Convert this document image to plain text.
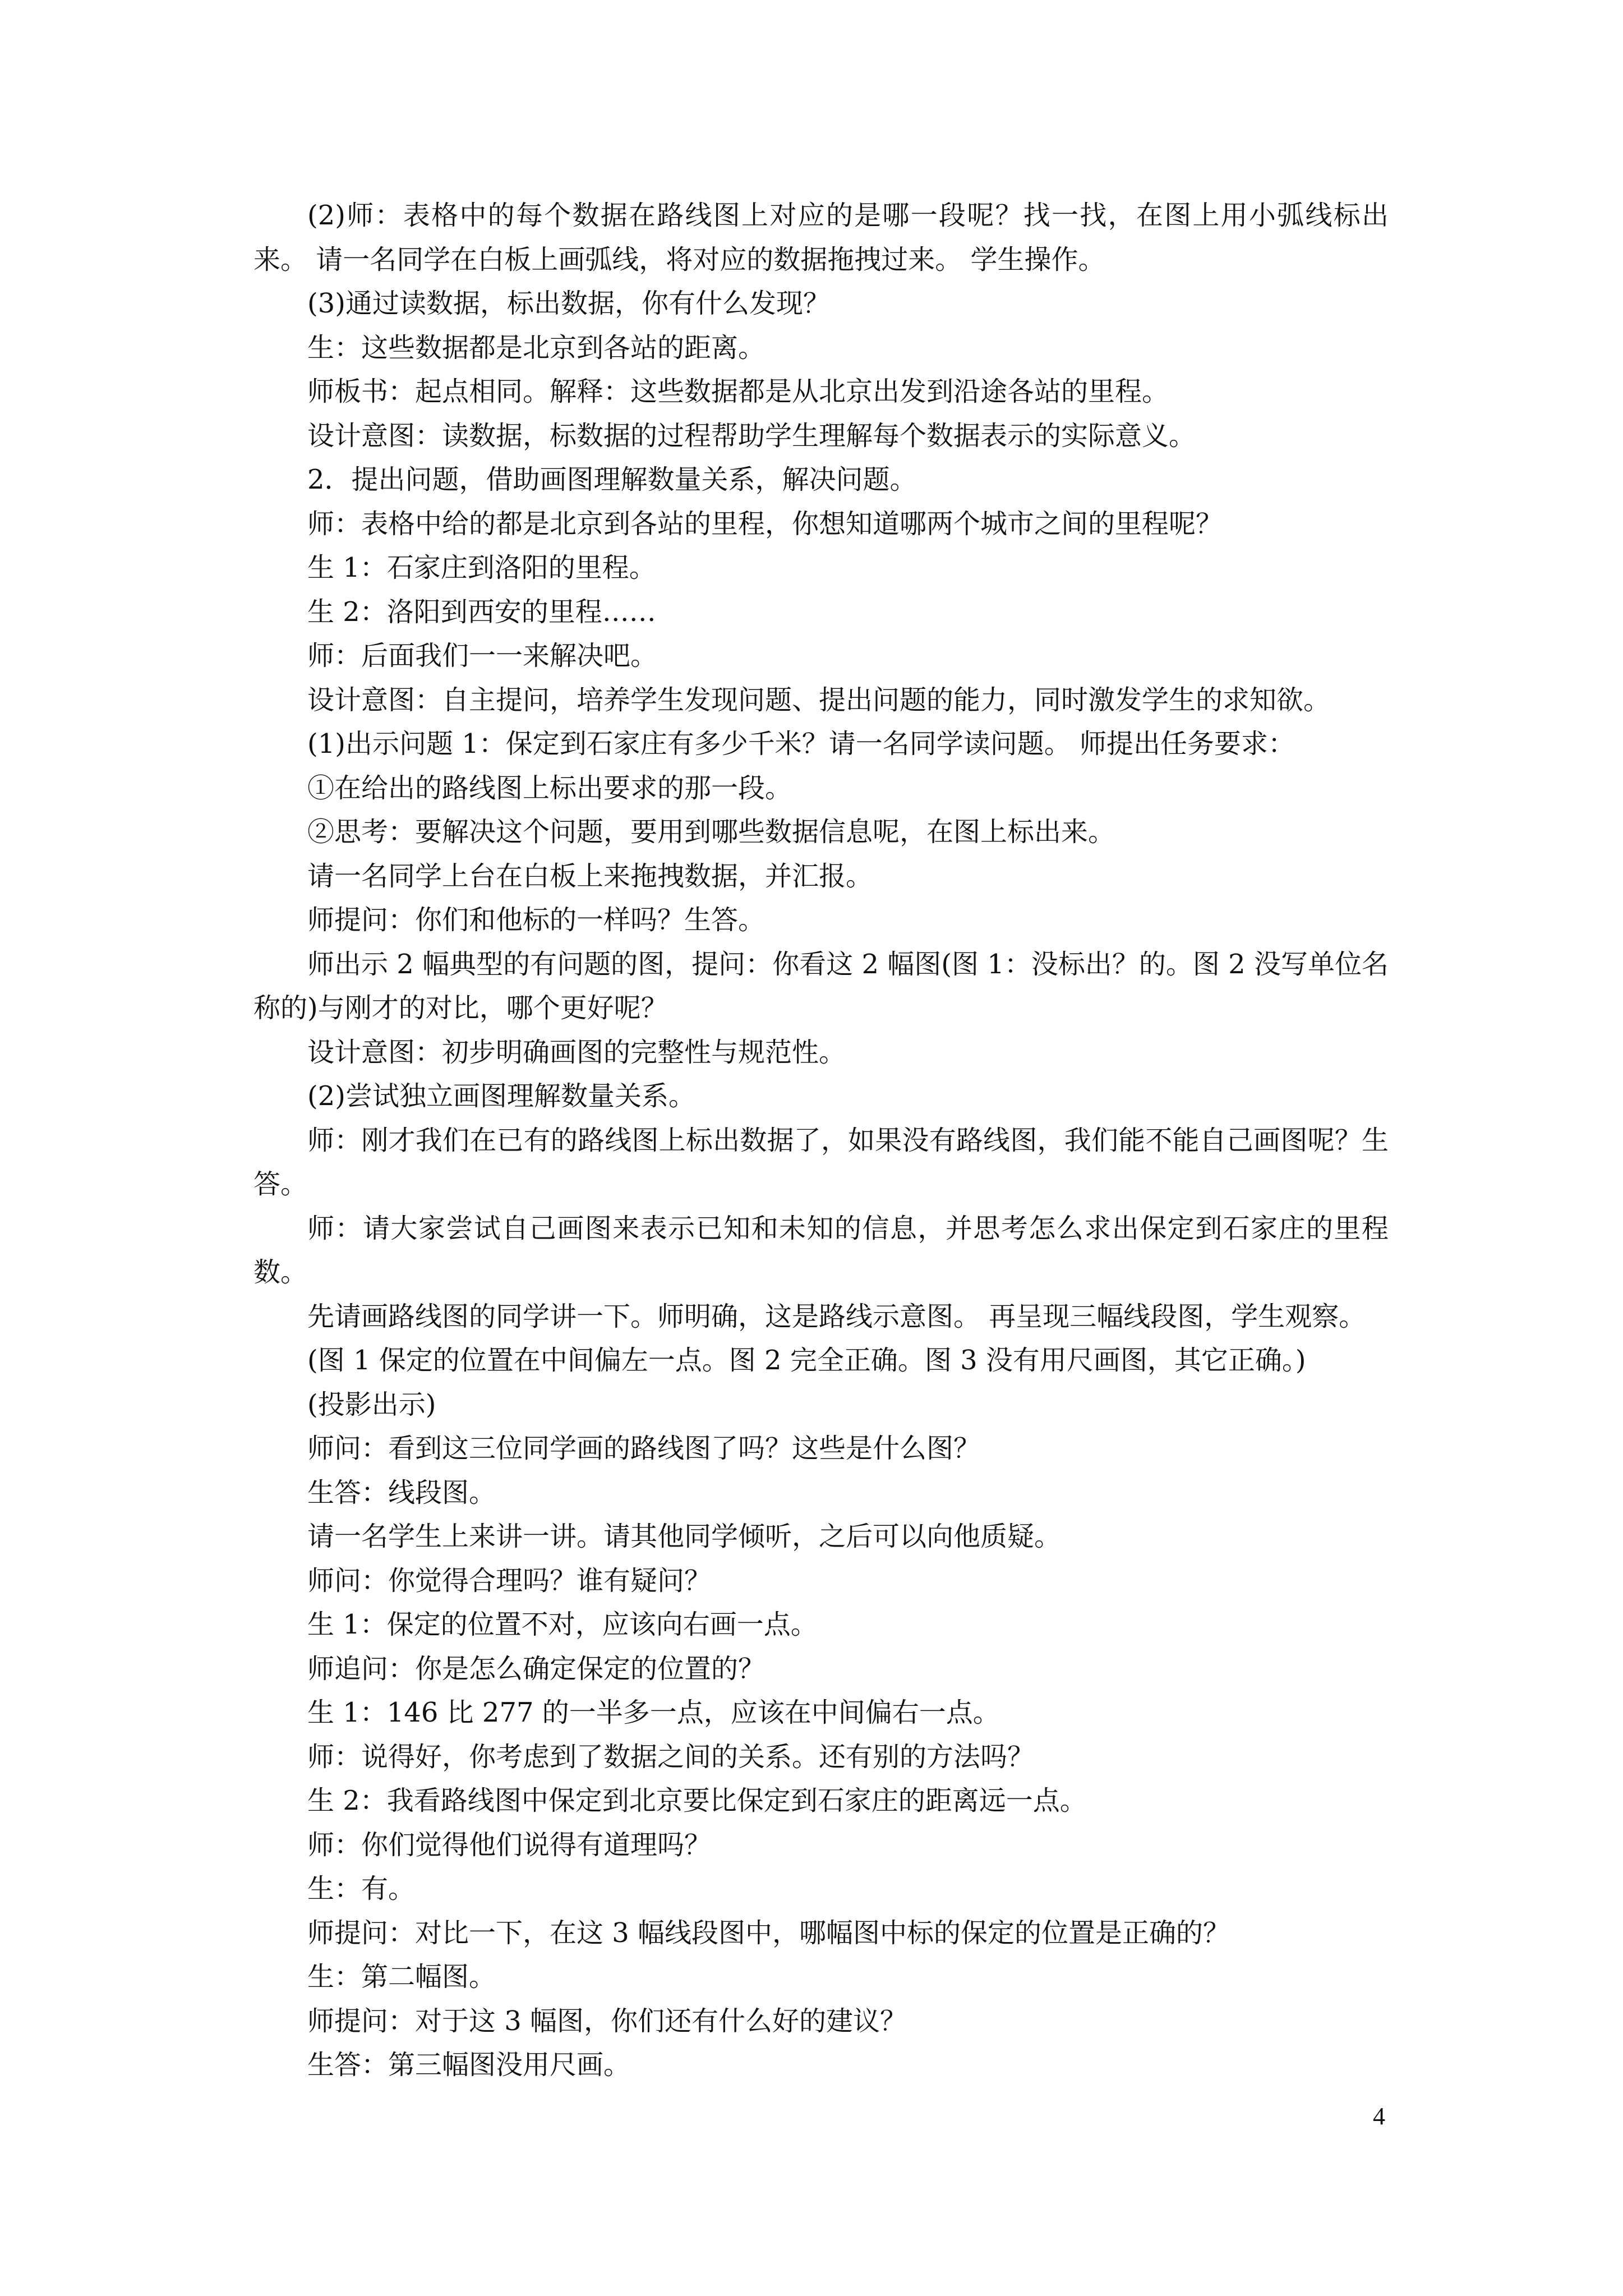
(2)师：表格中的每个数据在路线图上对应的是哪一段呢？找一找，在图上用小弧线标出来。 请一名同学在白板上画弧线，将对应的数据拖拽过来。 学生操作。

(3)通过读数据，标出数据，你有什么发现？

生：这些数据都是北京到各站的距离。

师板书：起点相同。解释：这些数据都是从北京出发到沿途各站的里程。

设计意图：读数据，标数据的过程帮助学生理解每个数据表示的实际意义。

2．提出问题，借助画图理解数量关系，解决问题。

师：表格中给的都是北京到各站的里程，你想知道哪两个城市之间的里程呢？

生 1：石家庄到洛阳的里程。

生 2：洛阳到西安的里程……

师：后面我们一一来解决吧。

设计意图：自主提问，培养学生发现问题、提出问题的能力，同时激发学生的求知欲。

(1)出示问题 1：保定到石家庄有多少千米？请一名同学读问题。 师提出任务要求：

①在给出的路线图上标出要求的那一段。

②思考：要解决这个问题，要用到哪些数据信息呢，在图上标出来。

请一名同学上台在白板上来拖拽数据，并汇报。

师提问：你们和他标的一样吗？生答。

师出示 2 幅典型的有问题的图，提问：你看这 2 幅图(图 1：没标出？的。图 2 没写单位名称的)与刚才的对比，哪个更好呢？

设计意图：初步明确画图的完整性与规范性。

(2)尝试独立画图理解数量关系。

师：刚才我们在已有的路线图上标出数据了，如果没有路线图，我们能不能自己画图呢？生答。

师：请大家尝试自己画图来表示已知和未知的信息，并思考怎么求出保定到石家庄的里程数。

先请画路线图的同学讲一下。师明确，这是路线示意图。 再呈现三幅线段图，学生观察。

(图 1 保定的位置在中间偏左一点。图 2 完全正确。图 3 没有用尺画图，其它正确。)

(投影出示)

师问：看到这三位同学画的路线图了吗？这些是什么图？

生答：线段图。

请一名学生上来讲一讲。请其他同学倾听，之后可以向他质疑。

师问：你觉得合理吗？谁有疑问？

生 1：保定的位置不对，应该向右画一点。

师追问：你是怎么确定保定的位置的？

生 1：146 比 277 的一半多一点，应该在中间偏右一点。

师：说得好，你考虑到了数据之间的关系。还有别的方法吗？

生 2：我看路线图中保定到北京要比保定到石家庄的距离远一点。

师：你们觉得他们说得有道理吗？

生：有。

师提问：对比一下，在这 3 幅线段图中，哪幅图中标的保定的位置是正确的？

生：第二幅图。

师提问：对于这 3 幅图，你们还有什么好的建议？

生答：第三幅图没用尺画。

4
